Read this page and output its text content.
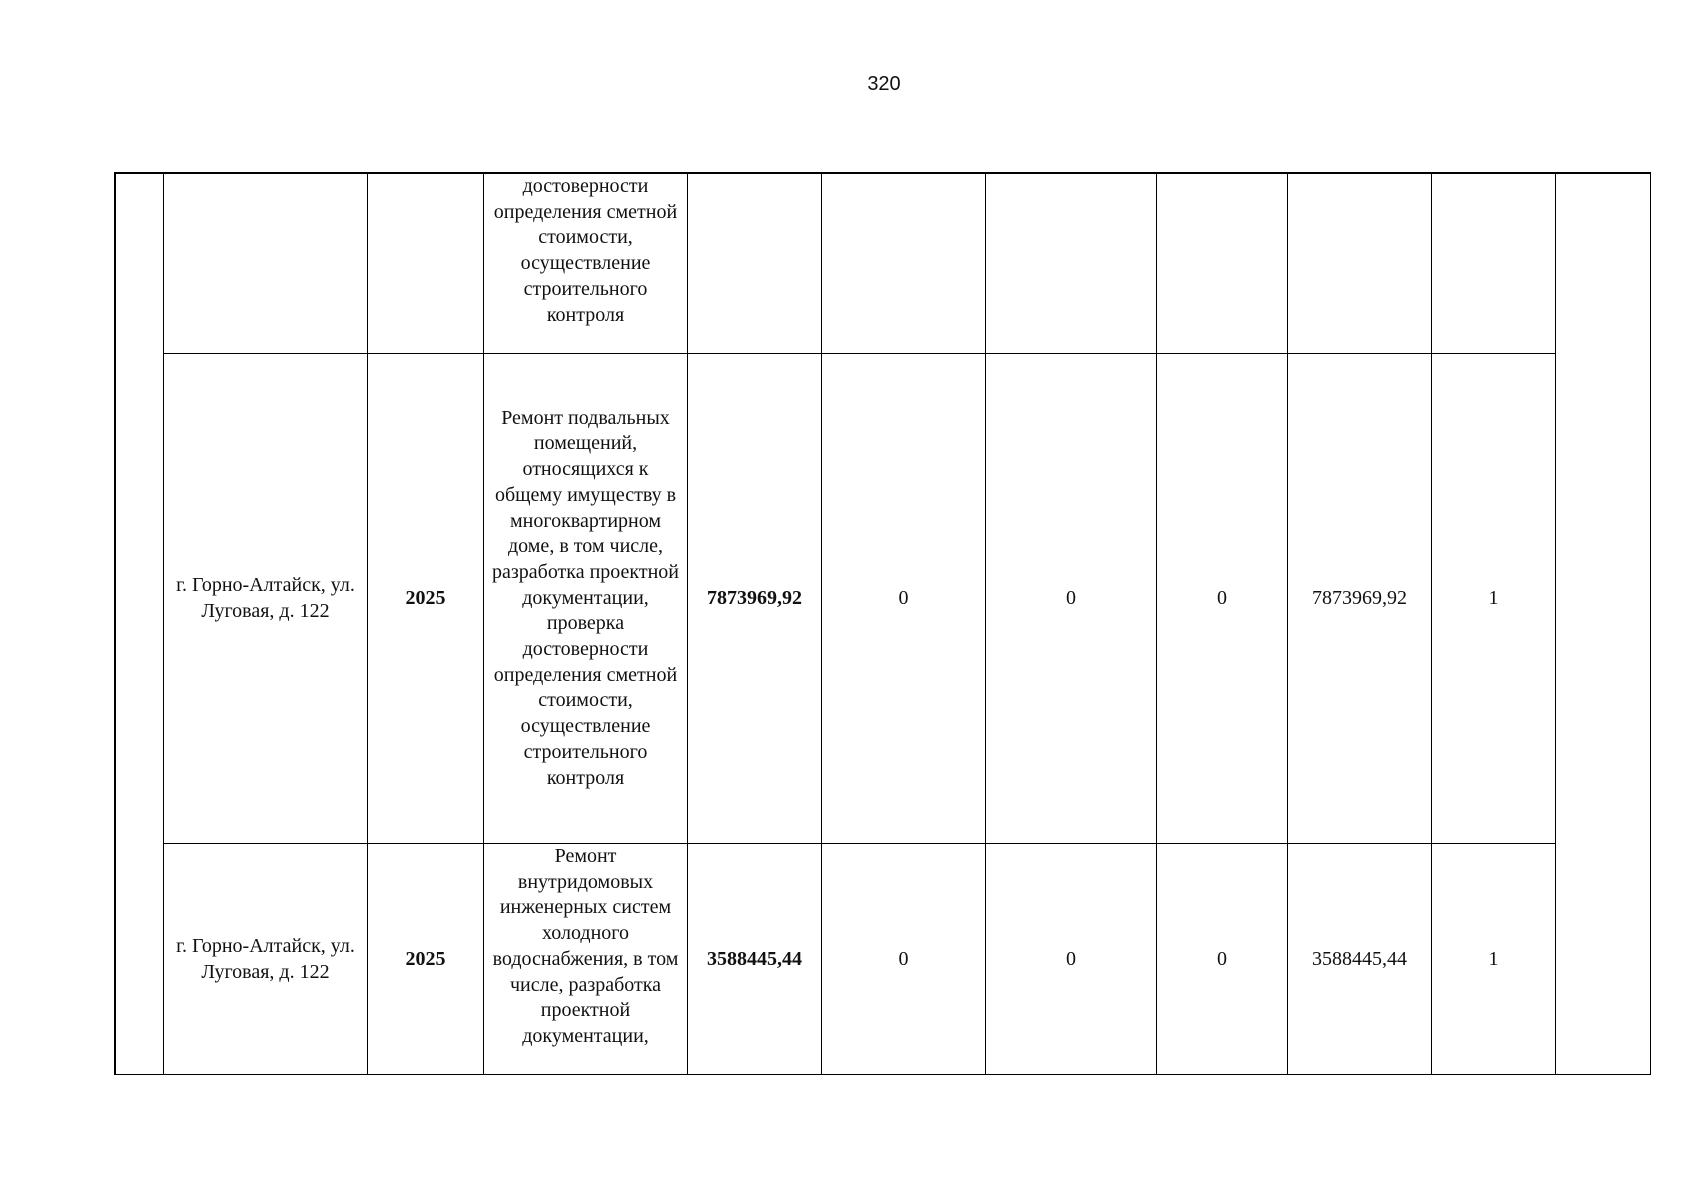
320

			достоверности определения сметной стоимости, осуществление строительного контроля							

	г. Горно-Алтайск, ул. Луговая, д. 122	2025	Ремонт подвальных помещений, относящихся к общему имуществу в многоквартирном доме, в том числе, разработка проектной документации, проверка достоверности определения сметной стоимости, осуществление строительного контроля	7873969,92	0	0	0	7873969,92	1	

	г. Горно-Алтайск, ул. Луговая, д. 122	2025	Ремонт внутридомовых инженерных систем холодного водоснабжения, в том числе, разработка проектной документации,	3588445,44	0	0	0	3588445,44	1	
